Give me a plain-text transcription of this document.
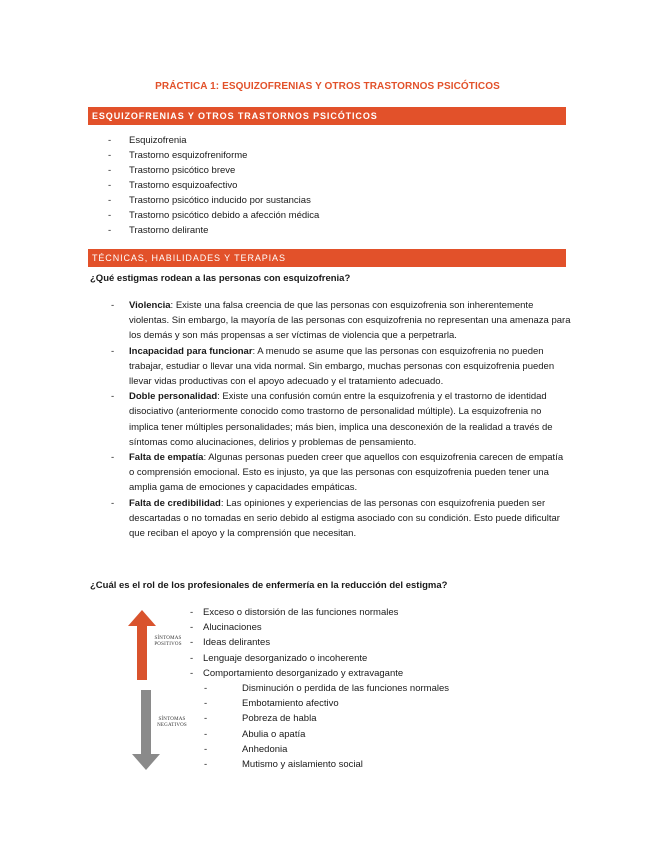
PRÁCTICA 1: ESQUIZOFRENIAS Y OTROS TRASTORNOS PSICÓTICOS
ESQUIZOFRENIAS Y OTROS TRASTORNOS PSICÓTICOS
- Esquizofrenia
- Trastorno esquizofreniforme
- Trastorno psicótico breve
- Trastorno esquizoafectivo
- Trastorno psicótico inducido por sustancias
- Trastorno psicótico debido a afección médica
- Trastorno delirante
TÉCNICAS, HABILIDADES Y TERAPIAS
¿Qué estigmas rodean a las personas con esquizofrenia?
- Violencia: Existe una falsa creencia de que las personas con esquizofrenia son inherentemente violentas. Sin embargo, la mayoría de las personas con esquizofrenia no representan una amenaza para los demás y son más propensas a ser víctimas de violencia que a perpetrarla.
- Incapacidad para funcionar: A menudo se asume que las personas con esquizofrenia no pueden trabajar, estudiar o llevar una vida normal. Sin embargo, muchas personas con esquizofrenia pueden llevar vidas productivas con el apoyo adecuado y el tratamiento adecuado.
- Doble personalidad: Existe una confusión común entre la esquizofrenia y el trastorno de identidad disociativo (anteriormente conocido como trastorno de personalidad múltiple). La esquizofrenia no implica tener múltiples personalidades; más bien, implica una desconexión de la realidad a través de síntomas como alucinaciones, delirios y problemas de pensamiento.
- Falta de empatía: Algunas personas pueden creer que aquellos con esquizofrenia carecen de empatía o comprensión emocional. Esto es injusto, ya que las personas con esquizofrenia pueden tener una amplia gama de emociones y capacidades empáticas.
- Falta de credibilidad: Las opiniones y experiencias de las personas con esquizofrenia pueden ser descartadas o no tomadas en serio debido al estigma asociado con su condición. Esto puede dificultar que reciban el apoyo y la comprensión que necesitan.
¿Cuál es el rol de los profesionales de enfermería en la reducción del estigma?
SÍNTOMAS POSITIVOS
SÍNTOMAS NEGATIVOS
- Exceso o distorsión de las funciones normales
- Alucinaciones
- Ideas delirantes
- Lenguaje desorganizado o incoherente
- Comportamiento desorganizado y extravagante
- Disminución o perdida de las funciones normales
- Embotamiento afectivo
- Pobreza de habla
- Abulia o apatía
- Anhedonia
- Mutismo y aislamiento social
